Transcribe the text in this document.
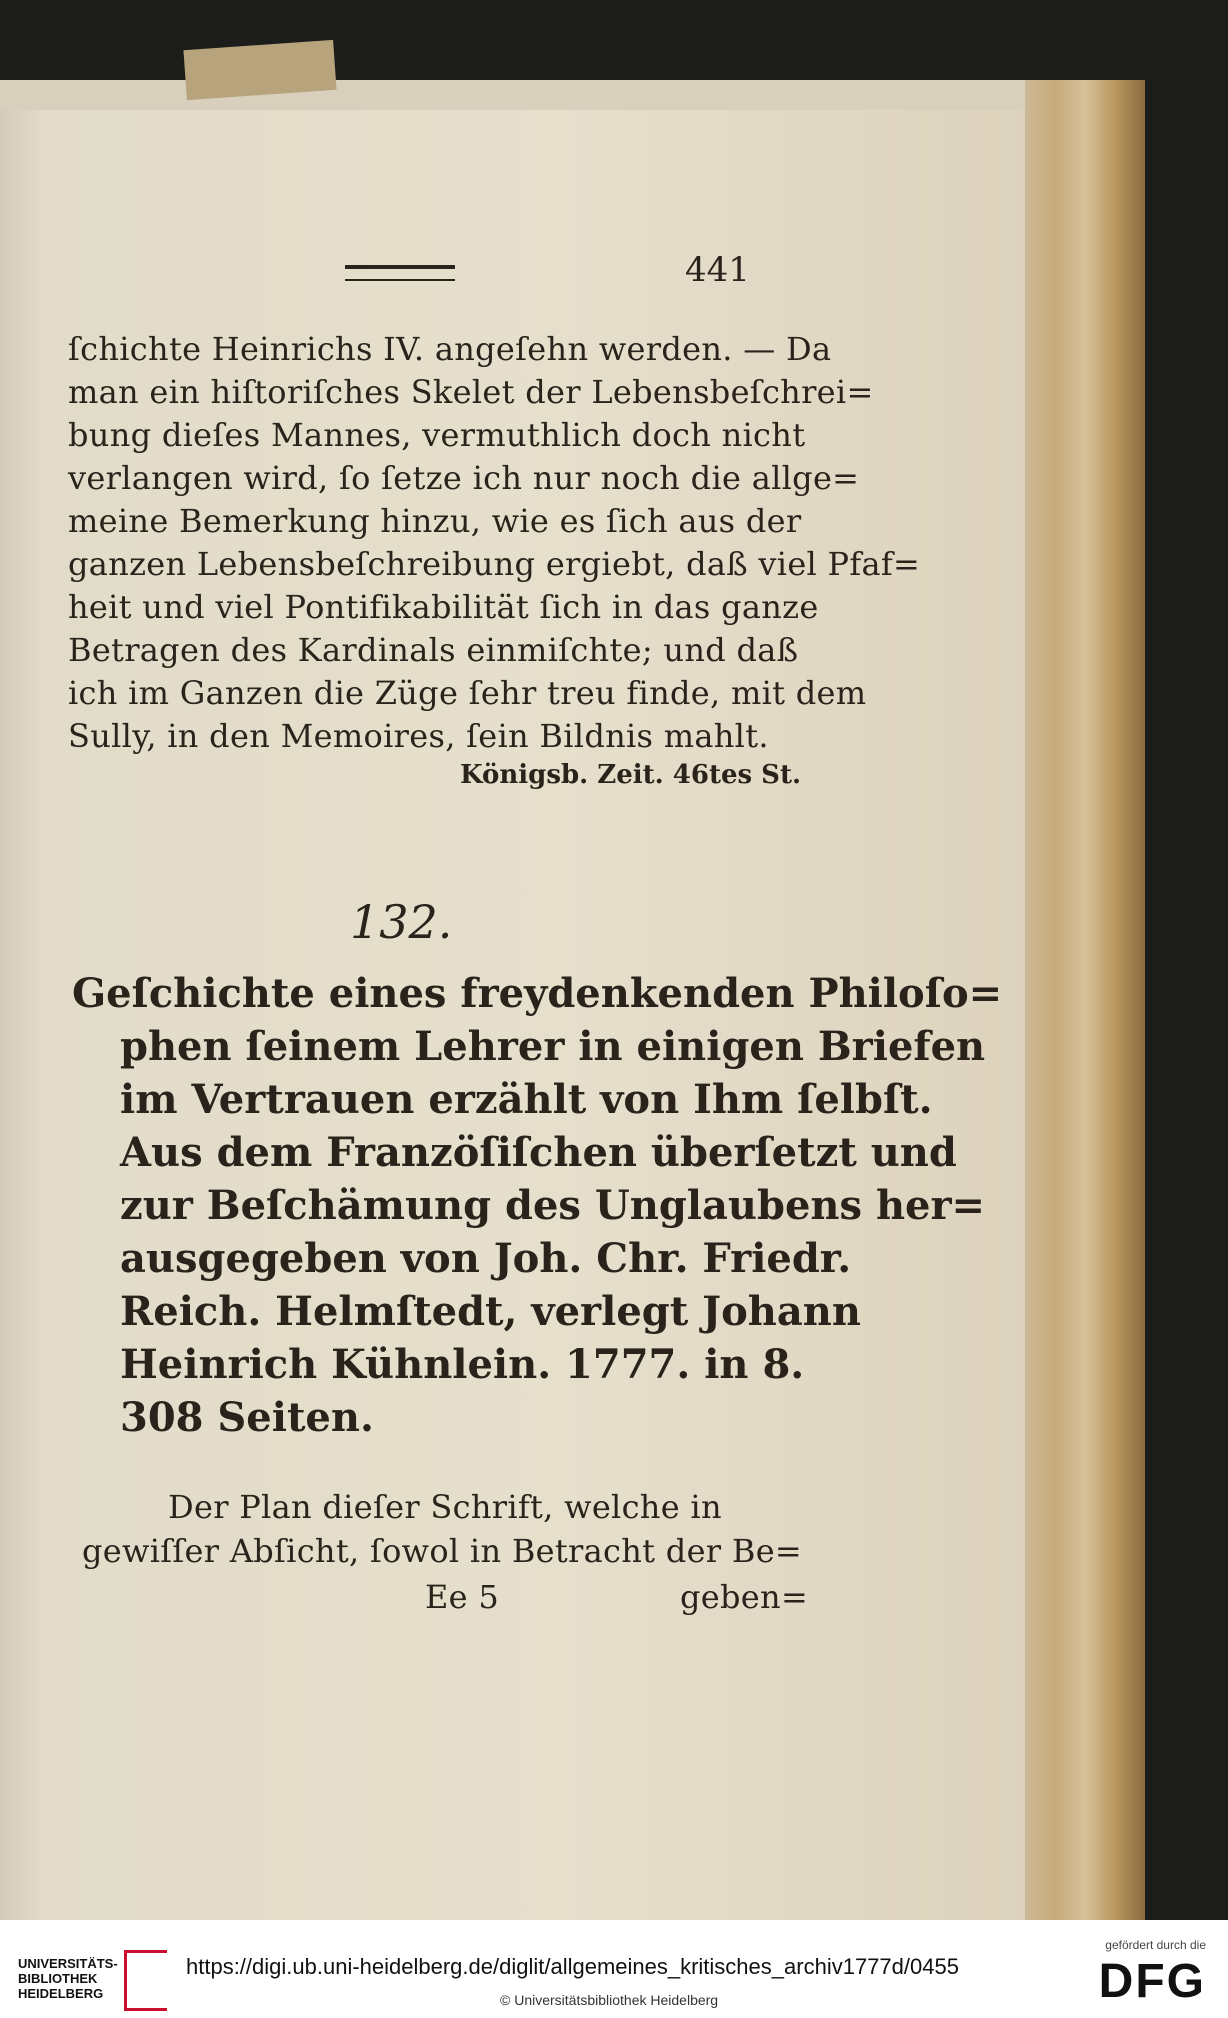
441
ſchichte Heinrichs IV. angeſehn werden. — Da
man ein hiſtoriſches Skelet der Lebensbeſchrei=
bung dieſes Mannes, vermuthlich doch nicht
verlangen wird, ſo ſetze ich nur noch die allge=
meine Bemerkung hinzu, wie es ſich aus der
ganzen Lebensbeſchreibung ergiebt, daß viel Pfaf=
heit und viel Pontifikabilität ſich in das ganze
Betragen des Kardinals einmiſchte; und daß
ich im Ganzen die Züge ſehr treu finde, mit dem
Sully, in den Memoires, ſein Bildnis mahlt.
Königsb. Zeit. 46tes St.
132.
Geſchichte eines freydenkenden Philoſo=
phen ſeinem Lehrer in einigen Briefen
im Vertrauen erzählt von Ihm ſelbſt.
Aus dem Franzöſiſchen überſetzt und
zur Beſchämung des Unglaubens her=
ausgegeben von Joh. Chr. Friedr.
Reich. Helmſtedt, verlegt Johann
Heinrich Kühnlein. 1777. in 8.
308 Seiten.
Der Plan dieſer Schrift, welche in
gewiſſer Abſicht, ſowol in Betracht der Be=
Ee 5	geben=
UNIVERSITÄTS-
BIBLIOTHEK
HEIDELBERG
https://digi.ub.uni-heidelberg.de/diglit/allgemeines_kritisches_archiv1777d/0455
© Universitätsbibliothek Heidelberg
gefördert durch die
DFG
